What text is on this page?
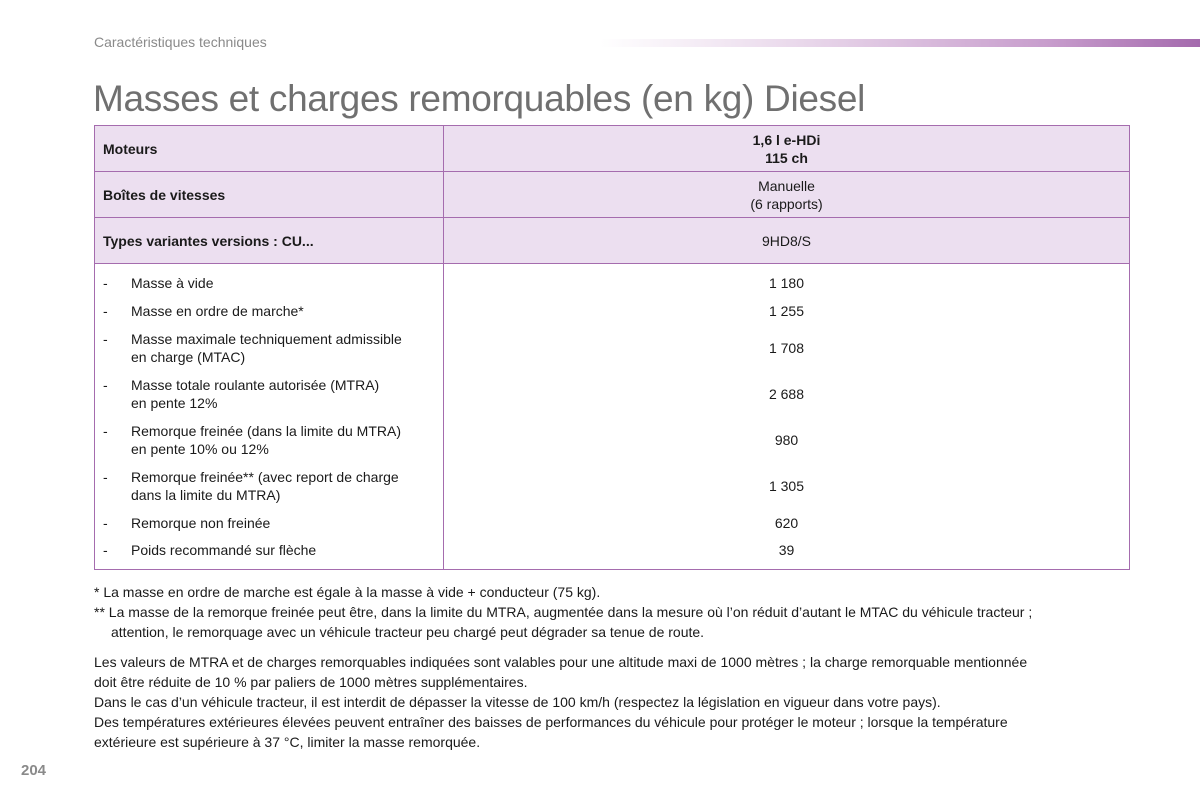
Caractéristiques techniques
Masses et charges remorquables (en kg) Diesel
Moteurs	1,6 l e-HDi
115 ch

Boîtes de vitesses	Manuelle
(6 rapports)

Types variantes versions : CU...	9HD8/S

- Masse à vide	1 180

- Masse en ordre de marche*	1 255

- Masse maximale techniquement admissible
en charge (MTAC)	1 708

- Masse totale roulante autorisée (MTRA)
en pente 12%	2 688

- Remorque freinée (dans la limite du MTRA)
en pente 10% ou 12%	980

- Remorque freinée** (avec report de charge
dans la limite du MTRA)	1 305

- Remorque non freinée	620

- Poids recommandé sur flèche	39
* La masse en ordre de marche est égale à la masse à vide + conducteur (75 kg).
** La masse de la remorque freinée peut être, dans la limite du MTRA, augmentée dans la mesure où l’on réduit d’autant le MTAC du véhicule tracteur ;
attention, le remorquage avec un véhicule tracteur peu chargé peut dégrader sa tenue de route.
Les valeurs de MTRA et de charges remorquables indiquées sont valables pour une altitude maxi de 1000 mètres ; la charge remorquable mentionnée
doit être réduite de 10 % par paliers de 1000 mètres supplémentaires.
Dans le cas d’un véhicule tracteur, il est interdit de dépasser la vitesse de 100 km/h (respectez la législation en vigueur dans votre pays).
Des températures extérieures élevées peuvent entraîner des baisses de performances du véhicule pour protéger le moteur ; lorsque la température
extérieure est supérieure à 37 °C, limiter la masse remorquée.
204
